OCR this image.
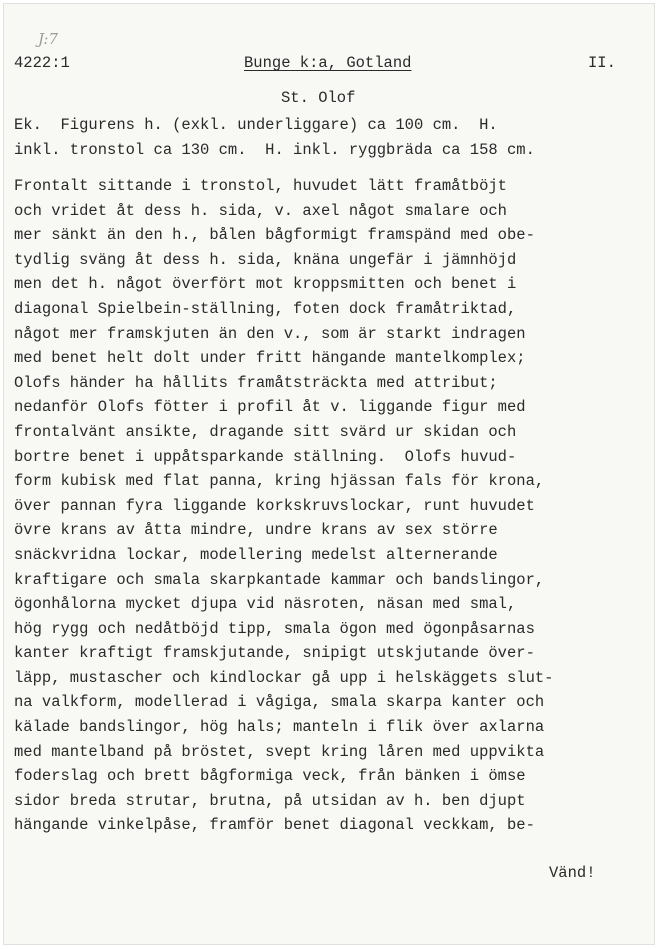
J:7
4222:1	Bunge k:a, Gotland	II.
St. Olof
Ek.  Figurens h. (exkl. underliggare) ca 100 cm.  H.
inkl. tronstol ca 130 cm.  H. inkl. ryggbräda ca 158 cm.
Frontalt sittande i tronstol, huvudet lätt framåtböjt
och vridet åt dess h. sida, v. axel något smalare och
mer sänkt än den h., bålen bågformigt framspänd med obe-
tydlig sväng åt dess h. sida, knäna ungefär i jämnhöjd
men det h. något överfört mot kroppsmitten och benet i
diagonal Spielbein-ställning, foten dock framåtriktad,
något mer framskjuten än den v., som är starkt indragen
med benet helt dolt under fritt hängande mantelkomplex;
Olofs händer ha hållits framåtsträckta med attribut;
nedanför Olofs fötter i profil åt v. liggande figur med
frontalvänt ansikte, dragande sitt svärd ur skidan och
bortre benet i uppåtsparkande ställning.  Olofs huvud-
form kubisk med flat panna, kring hjässan fals för krona,
över pannan fyra liggande korkskruvslockar, runt huvudet
övre krans av åtta mindre, undre krans av sex större
snäckvridna lockar, modellering medelst alternerande
kraftigare och smala skarpkantade kammar och bandslingor,
ögonhålorna mycket djupa vid näsroten, näsan med smal,
hög rygg och nedåtböjd tipp, smala ögon med ögonpåsarnas
kanter kraftigt framskjutande, snipigt utskjutande över-
läpp, mustascher och kindlockar gå upp i helskäggets slut-
na valkform, modellerad i vågiga, smala skarpa kanter och
kälade bandslingor, hög hals; manteln i flik över axlarna
med mantelband på bröstet, svept kring låren med uppvikta
foderslag och brett bågformiga veck, från bänken i ömse
sidor breda strutar, brutna, på utsidan av h. ben djupt
hängande vinkelpåse, framför benet diagonal veckkam, be-
Vänd!
